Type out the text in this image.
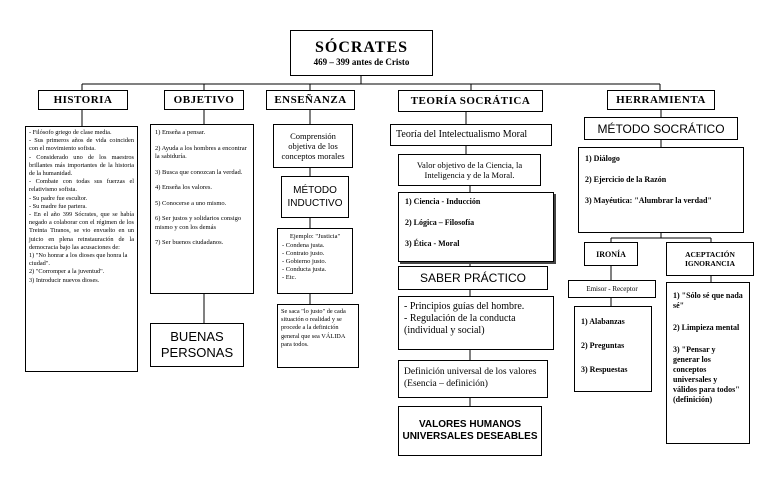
SÓCRATES

469 – 399 antes de Cristo

HISTORIA

- Filósofo griego de clase media.

- Sus primeros años de vida coinciden con el movimiento sofista.

- Considerado uno de los maestros brillantes más importantes de la historia de la humanidad.

- Combate con todas sus fuerzas el relativismo sofista.

- Su padre fue escultor.

- Su madre fue partera.

- En el año 399 Sócrates, que se había negado a colaborar con el régimen de los Treinta Tiranos, se vio envuelto en un juicio en plena reinstauración de la democracia bajo las acusaciones de:

1) "No honrar a los dioses que honra la ciudad".

2) "Corromper a la juventud".

3) Introducir nuevos dioses.

OBJETIVO

1) Enseña a pensar.

2) Ayuda a los hombres a encontrar la sabiduría.

3) Busca que conozcan la verdad.

4) Enseña los valores.

5) Conocerse a uno mismo.

6) Ser justos y solidarios consigo mismo y con los demás

7) Ser buenos ciudadanos.

BUENAS PERSONAS
ENSEÑANZA
Comprensión objetiva de los conceptos morales
MÉTODO INDUCTIVO

Ejemplo: "Justicia"

- Condena justa.

- Contrato justo.

- Gobierno justo.

- Conducta justa.

- Etc.

Se saca "lo justo" de cada situación o realidad y se procede a la definición general que sea VÁLIDA para todos.
TEORÍA SOCRÁTICA
Teoría del Intelectualismo Moral
Valor objetivo de la Ciencia, la Inteligencia y de la Moral.

1) Ciencia - Inducción

2) Lógica – Filosofía

3) Ética - Moral

SABER PRÁCTICO

- Principios guías del hombre.

- Regulación de la conducta (individual y social)

Definición universal de los valores (Esencia – definición)
VALORES HUMANOS UNIVERSALES DESEABLES
HERRAMIENTA
MÉTODO SOCRÁTICO

1) Diálogo

2) Ejercicio de la Razón

3) Mayéutica: "Alumbrar la verdad"

IRONÍA
Emisor - Receptor

1) Alabanzas

2) Preguntas

3) Respuestas

ACEPTACIÓN IGNORANCIA

1) "Sólo sé que nada sé"

2) Limpieza mental

3) "Pensar y generar los conceptos universales y válidos para todos" (definición)
